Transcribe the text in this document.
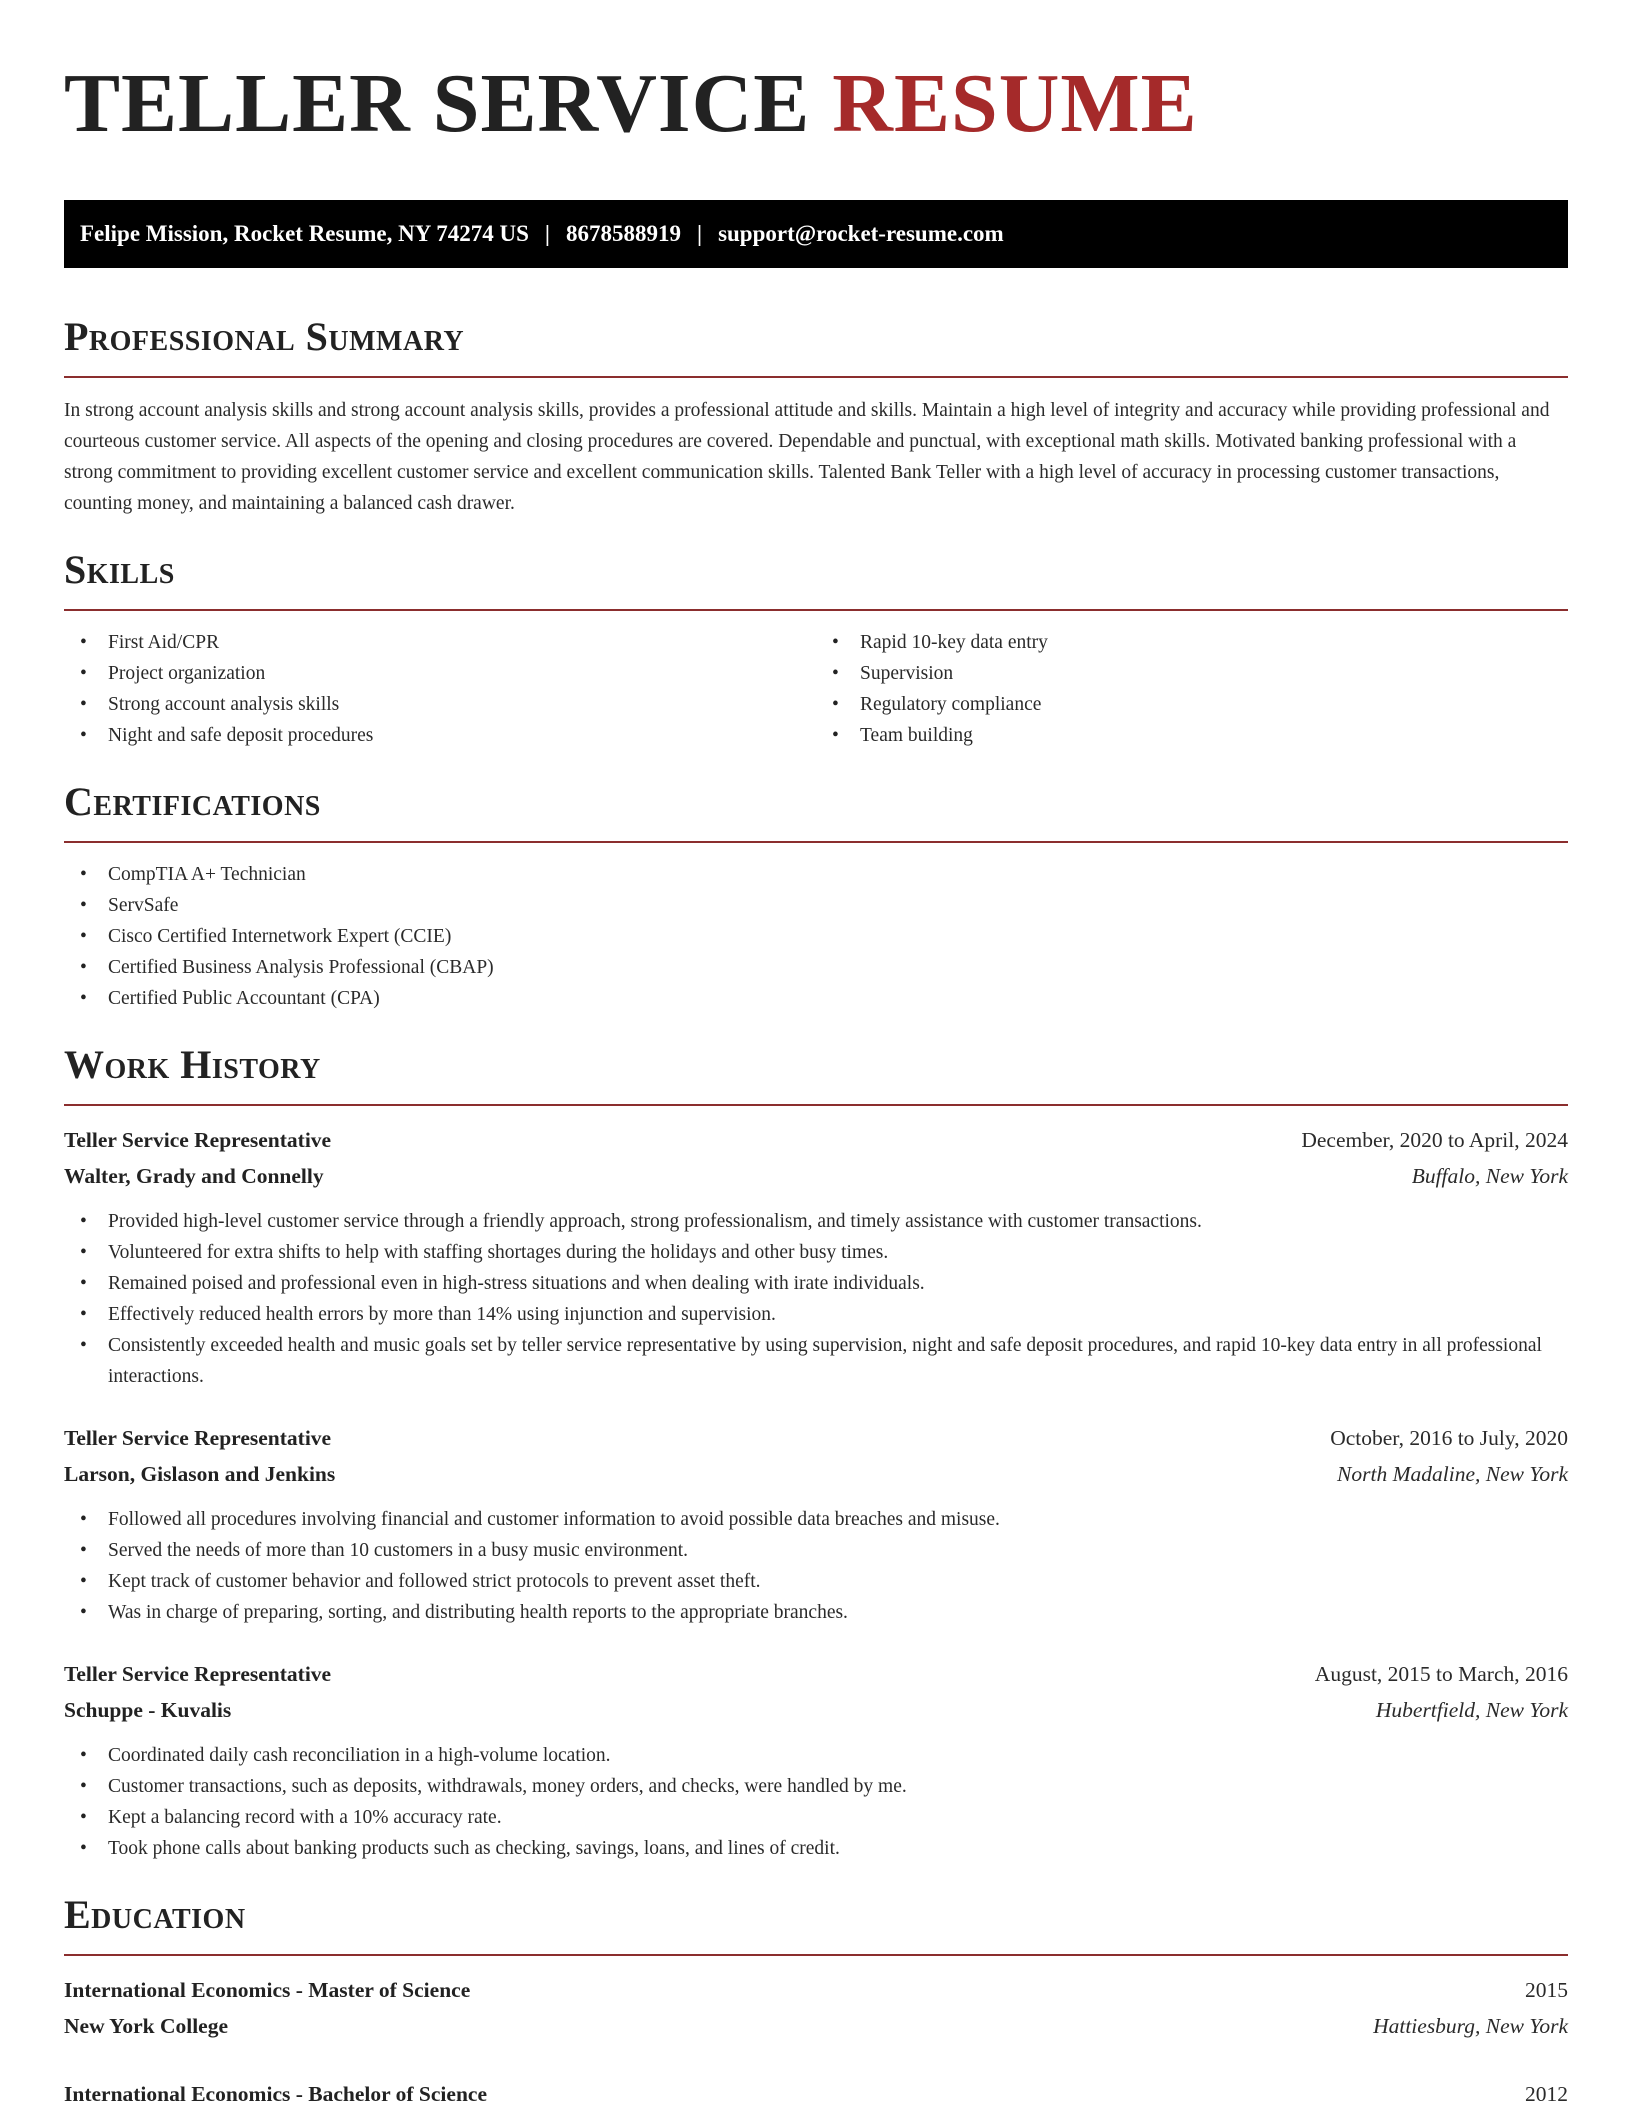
TELLER SERVICE RESUME
Felipe Mission, Rocket Resume, NY 74274 US | 8678588919 | support@rocket-resume.com
Professional Summary

In strong account analysis skills and strong account analysis skills, provides a professional attitude and skills. Maintain a high level of integrity and accuracy while providing professional and courteous customer service. All aspects of the opening and closing procedures are covered. Dependable and punctual, with exceptional math skills. Motivated banking professional with a strong commitment to providing excellent customer service and excellent communication skills. Talented Bank Teller with a high level of accuracy in processing customer transactions, counting money, and maintaining a balanced cash drawer.

Skills
• First Aid/CPR
• Project organization
• Strong account analysis skills
• Night and safe deposit procedures
• Rapid 10-key data entry
• Supervision
• Regulatory compliance
• Team building
Certifications
• CompTIA A+ Technician
• ServSafe
• Cisco Certified Internetwork Expert (CCIE)
• Certified Business Analysis Professional (CBAP)
• Certified Public Accountant (CPA)
Work History
Teller Service Representative	December, 2020 to April, 2024
Walter, Grady and Connelly	Buffalo, New York
• Provided high-level customer service through a friendly approach, strong professionalism, and timely assistance with customer transactions.
• Volunteered for extra shifts to help with staffing shortages during the holidays and other busy times.
• Remained poised and professional even in high-stress situations and when dealing with irate individuals.
• Effectively reduced health errors by more than 14% using injunction and supervision.
• Consistently exceeded health and music goals set by teller service representative by using supervision, night and safe deposit procedures, and rapid 10-key data entry in all professional interactions.
Teller Service Representative	October, 2016 to July, 2020
Larson, Gislason and Jenkins	North Madaline, New York
• Followed all procedures involving financial and customer information to avoid possible data breaches and misuse.
• Served the needs of more than 10 customers in a busy music environment.
• Kept track of customer behavior and followed strict protocols to prevent asset theft.
• Was in charge of preparing, sorting, and distributing health reports to the appropriate branches.
Teller Service Representative	August, 2015 to March, 2016
Schuppe - Kuvalis	Hubertfield, New York
• Coordinated daily cash reconciliation in a high-volume location.
• Customer transactions, such as deposits, withdrawals, money orders, and checks, were handled by me.
• Kept a balancing record with a 10% accuracy rate.
• Took phone calls about banking products such as checking, savings, loans, and lines of credit.
Education
International Economics - Master of Science	2015
New York College	Hattiesburg, New York
International Economics - Bachelor of Science	2012
